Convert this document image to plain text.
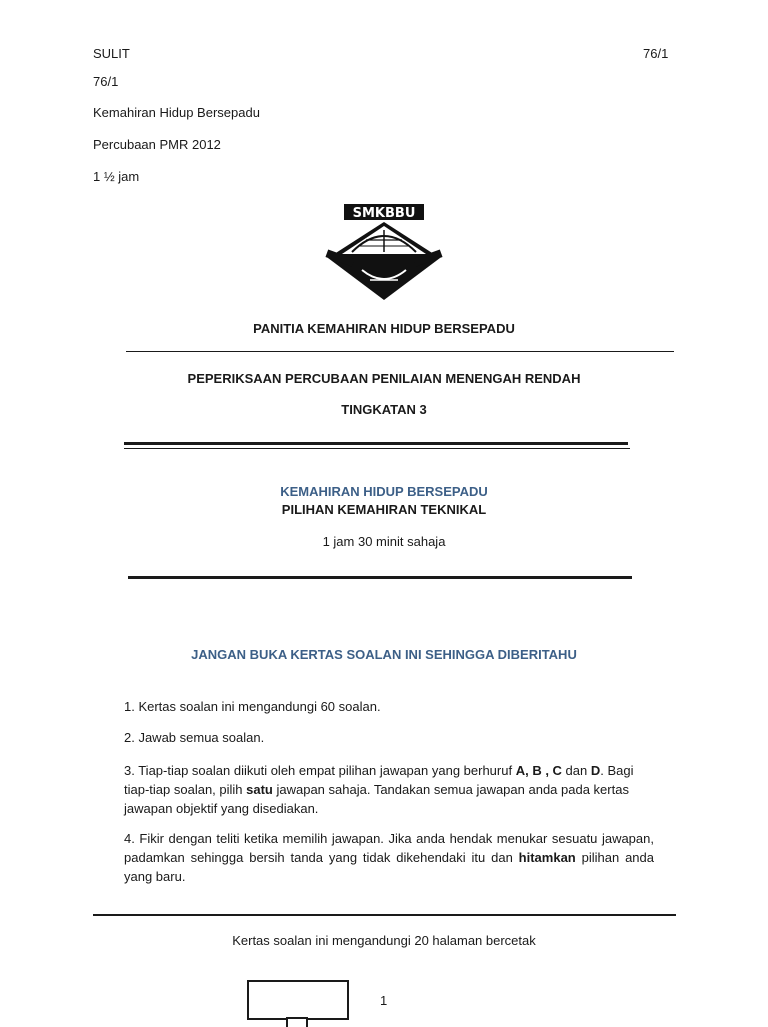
SULIT	76/1
76/1
Kemahiran Hidup Bersepadu
Percubaan PMR 2012
1 ½ jam
SMKBBU
PANITIA KEMAHIRAN HIDUP BERSEPADU
PEPERIKSAAN PERCUBAAN PENILAIAN MENENGAH RENDAH
TINGKATAN 3
KEMAHIRAN HIDUP BERSEPADU
PILIHAN KEMAHIRAN TEKNIKAL
1 jam 30 minit sahaja
JANGAN BUKA KERTAS SOALAN INI SEHINGGA DIBERITAHU
1. Kertas soalan ini mengandungi 60 soalan.
2. Jawab semua soalan.
3. Tiap-tiap soalan diikuti oleh empat pilihan jawapan yang berhuruf A, B , C dan D. Bagi tiap-tiap soalan, pilih satu jawapan sahaja. Tandakan semua jawapan anda pada kertas jawapan objektif yang disediakan.
4. Fikir dengan teliti ketika memilih jawapan. Jika anda hendak menukar sesuatu jawapan, padamkan sehingga bersih tanda yang tidak dikehendaki itu dan hitamkan pilihan anda yang baru.
Kertas soalan ini mengandungi 20 halaman bercetak
1
